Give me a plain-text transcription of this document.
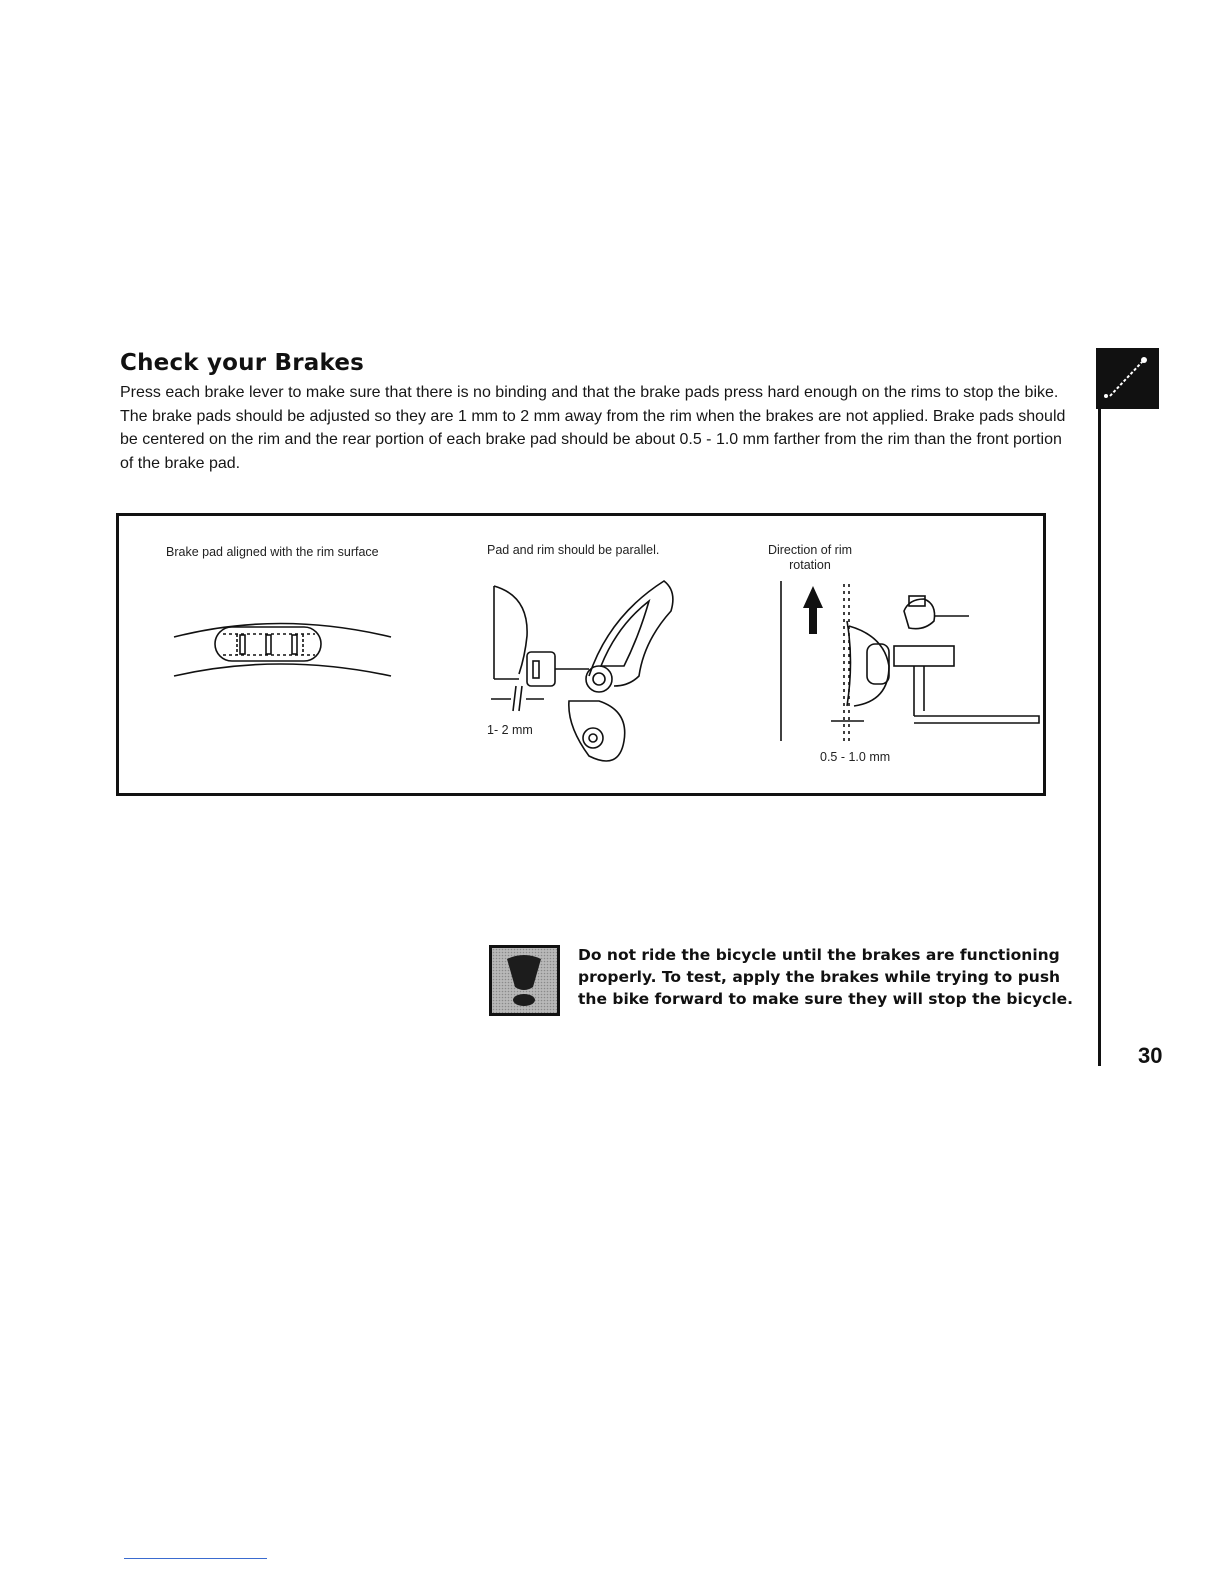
Check your Brakes
Press each brake lever to make sure that there is no binding and that the brake pads press hard enough on the rims to stop the bike. The brake pads should be adjusted so they are 1 mm to 2 mm away from the rim when the brakes are not applied. Brake pads should be centered on the rim and the rear portion of each brake pad should be about 0.5 - 1.0 mm farther from the rim than the front portion of the brake pad.
Brake pad aligned with the rim surface	Pad and rim should be parallel.
1- 2 mm
Direction of rim rotation
0.5 - 1.0 mm
Do not ride the bicycle until the brakes are functioning properly. To test, apply the brakes while trying to push the bike forward to make sure they will stop the bicycle.
30
